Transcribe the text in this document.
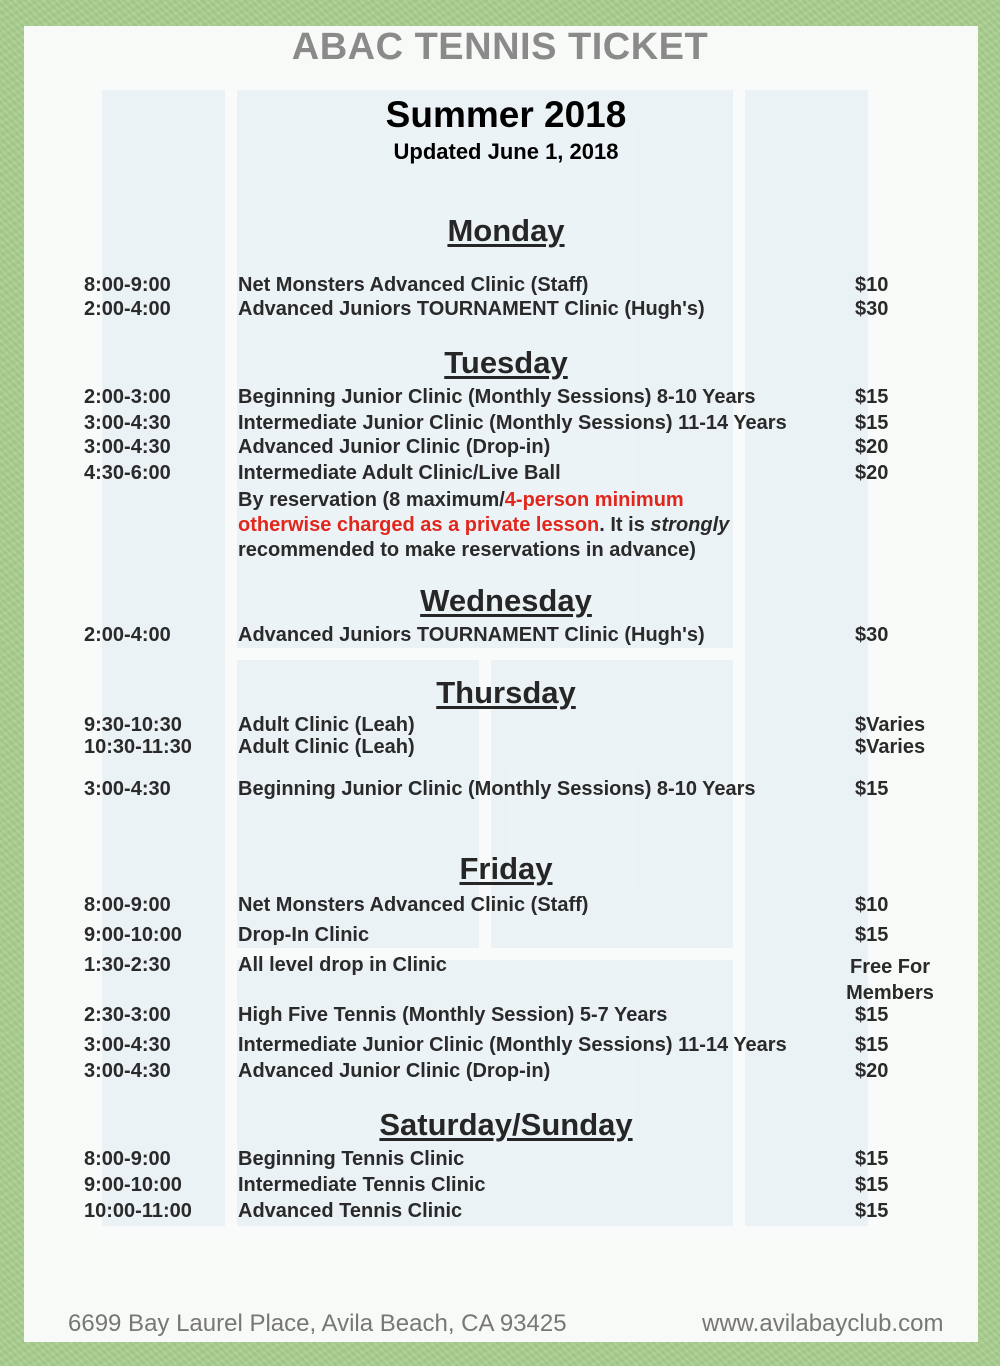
ABAC TENNIS TICKET
Summer 2018
Updated June 1, 2018
Monday
8:00-9:00	Net Monsters Advanced Clinic (Staff)	$10
2:00-4:00	Advanced Juniors TOURNAMENT Clinic (Hugh's)	$30
Tuesday
2:00-3:00	Beginning Junior Clinic (Monthly Sessions) 8-10 Years	$15
3:00-4:30	Intermediate Junior Clinic (Monthly Sessions) 11-14 Years	$15
3:00-4:30	Advanced Junior Clinic (Drop-in)	$20
4:30-6:00	Intermediate Adult Clinic/Live Ball	$20
By reservation (8 maximum/4-person minimum
otherwise charged as a private lesson. It is strongly
recommended to make reservations in advance)
Wednesday
2:00-4:00	Advanced Juniors TOURNAMENT Clinic (Hugh's)	$30
Thursday
9:30-10:30	Adult Clinic (Leah)	$Varies
10:30-11:30 Adult Clinic (Leah)	$Varies
3:00-4:30	Beginning Junior Clinic (Monthly Sessions) 8-10 Years	$15
Friday
8:00-9:00	Net Monsters Advanced Clinic (Staff)	$10
9:00-10:00	Drop-In Clinic	$15
1:30-2:30	All level drop in Clinic	Free For
Members
2:30-3:00	High Five Tennis (Monthly Session) 5-7 Years	$15
3:00-4:30	Intermediate Junior Clinic (Monthly Sessions) 11-14 Years	$15
3:00-4:30	Advanced Junior Clinic (Drop-in)	$20
Saturday/Sunday
8:00-9:00	Beginning Tennis Clinic	$15
9:00-10:00	Intermediate Tennis Clinic	$15
10:00-11:00 Advanced Tennis Clinic	$15
6699 Bay Laurel Place, Avila Beach, CA 93425	www.avilabayclub.com
